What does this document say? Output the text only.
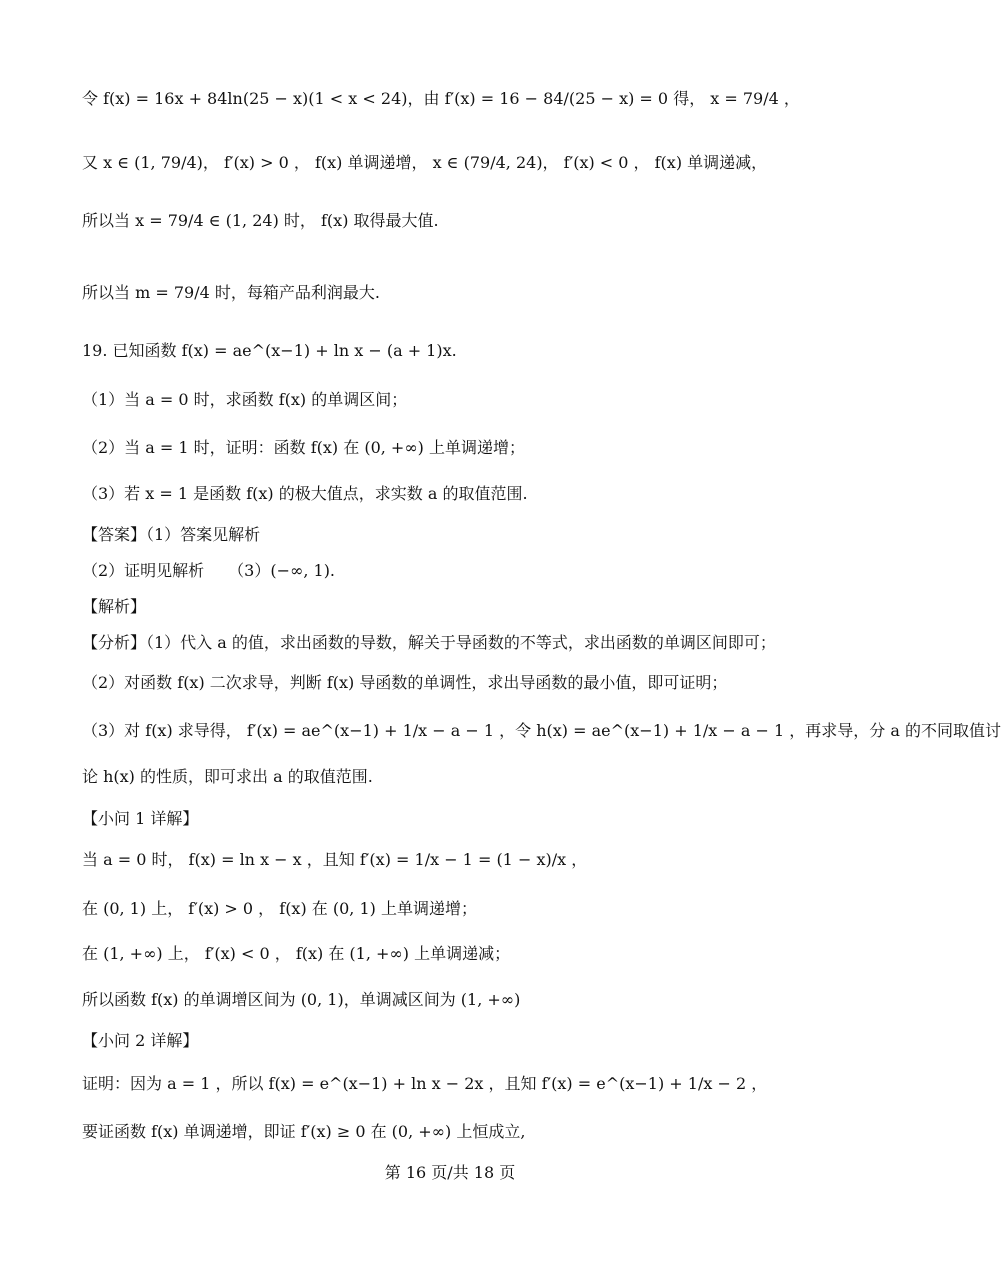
令 f(x) = 16x + 84ln(25 − x)(1 < x < 24)，由 f′(x) = 16 − 84/(25 − x) = 0 得， x = 79/4 ，
又 x ∈ (1, 79/4)， f′(x) > 0 ， f(x) 单调递增， x ∈ (79/4, 24)， f′(x) < 0 ， f(x) 单调递减，
所以当 x = 79/4 ∈ (1, 24) 时， f(x) 取得最大值.
所以当 m = 79/4 时，每箱产品利润最大.
19. 已知函数 f(x) = ae^(x−1) + ln x − (a + 1)x.
（1）当 a = 0 时，求函数 f(x) 的单调区间；
（2）当 a = 1 时，证明：函数 f(x) 在 (0, +∞) 上单调递增；
（3）若 x = 1 是函数 f(x) 的极大值点，求实数 a 的取值范围.
【答案】（1）答案见解析
（2）证明见解析　　（3）(−∞, 1).
【解析】
【分析】（1）代入 a 的值，求出函数的导数，解关于导函数的不等式，求出函数的单调区间即可；
（2）对函数 f(x) 二次求导，判断 f(x) 导函数的单调性，求出导函数的最小值，即可证明；
（3）对 f(x) 求导得， f′(x) = ae^(x−1) + 1/x − a − 1 ，令 h(x) = ae^(x−1) + 1/x − a − 1 ，再求导，分 a 的不同取值讨
论 h(x) 的性质，即可求出 a 的取值范围.
【小问 1 详解】
当 a = 0 时， f(x) = ln x − x ，且知 f′(x) = 1/x − 1 = (1 − x)/x ，
在 (0, 1) 上， f′(x) > 0 ， f(x) 在 (0, 1) 上单调递增；
在 (1, +∞) 上， f′(x) < 0 ， f(x) 在 (1, +∞) 上单调递减；
所以函数 f(x) 的单调增区间为 (0, 1)，单调减区间为 (1, +∞)
【小问 2 详解】
证明：因为 a = 1 ，所以 f(x) = e^(x−1) + ln x − 2x ，且知 f′(x) = e^(x−1) + 1/x − 2 ，
要证函数 f(x) 单调递增，即证 f′(x) ≥ 0 在 (0, +∞) 上恒成立,
第 16 页/共 18 页
